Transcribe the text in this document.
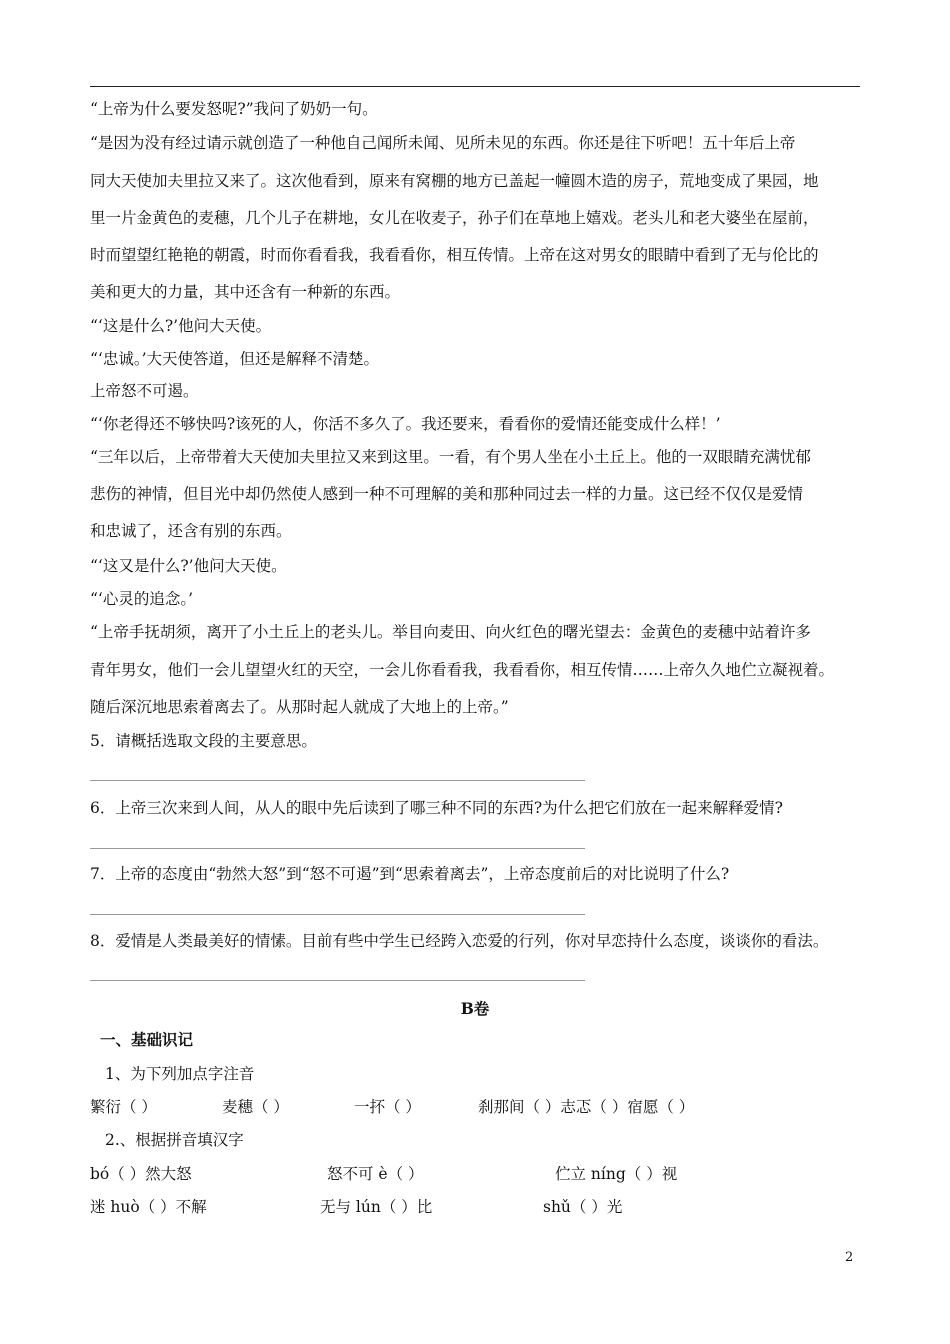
“上帝为什么要发怒呢?”我问了奶奶一句。
“是因为没有经过请示就创造了一种他自己闻所未闻、见所未见的东西。你还是往下听吧！五十年后上帝
同大天使加夫里拉又来了。这次他看到，原来有窝棚的地方已盖起一幢圆木造的房子，荒地变成了果园，地
里一片金黄色的麦穗，几个儿子在耕地，女儿在收麦子，孙子们在草地上嬉戏。老头儿和老大婆坐在屋前，
时而望望红艳艳的朝霞，时而你看看我，我看看你，相互传情。上帝在这对男女的眼睛中看到了无与伦比的
美和更大的力量，其中还含有一种新的东西。
“‘这是什么?’他问大天使。
“‘忠诚。’大天使答道，但还是解释不清楚。
上帝怒不可遏。
“‘你老得还不够快吗?该死的人，你活不多久了。我还要来，看看你的爱情还能变成什么样！’
“三年以后，上帝带着大天使加夫里拉又来到这里。一看，有个男人坐在小土丘上。他的一双眼睛充满忧郁
悲伤的神情，但目光中却仍然使人感到一种不可理解的美和那种同过去一样的力量。这已经不仅仅是爱情
和忠诚了，还含有别的东西。
“‘这又是什么?’他问大天使。
“‘心灵的追念。’
“上帝手抚胡须，离开了小土丘上的老头儿。举目向麦田、向火红色的曙光望去：金黄色的麦穗中站着许多
青年男女，他们一会儿望望火红的天空，一会儿你看看我，我看看你，相互传情……上帝久久地伫立凝视着。
随后深沉地思索着离去了。从那时起人就成了大地上的上帝。”
5．请概括选取文段的主要意思。
6．上帝三次来到人间，从人的眼中先后读到了哪三种不同的东西?为什么把它们放在一起来解释爱情?
7．上帝的态度由“勃然大怒”到“怒不可遏”到“思索着离去”，上帝态度前后的对比说明了什么?
8．爱情是人类最美好的情愫。目前有些中学生已经跨入恋爱的行列，你对早恋持什么态度，谈谈你的看法。
B卷
一、基础识记
1、为下列加点字注音
繁衍（ ）	麦穗（ ）	一抔（ ）	刹那间（ ）志忑（ ）宿愿（ ）
2.、根据拼音填汉字
bó（ ）然大怒	怒不可 è（ ）	伫立 níng（ ）视
迷 huò（ ）不解	无与 lún（ ）比	shǔ（ ）光
2
